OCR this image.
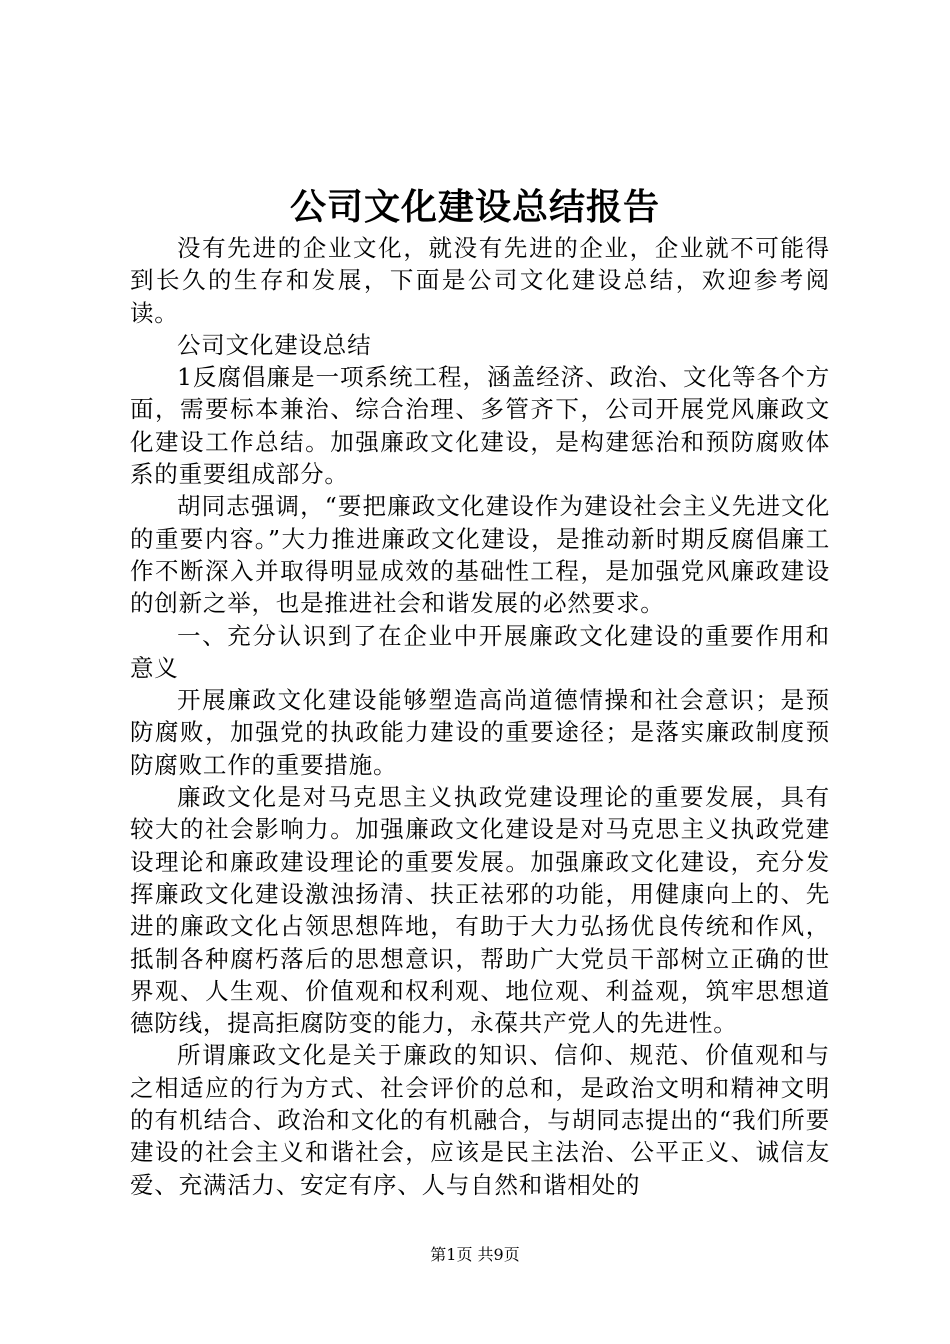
公司文化建设总结报告

没有先进的企业文化，就没有先进的企业，企业就不可能得到长久的生存和发展，下面是公司文化建设总结，欢迎参考阅读。

公司文化建设总结

1反腐倡廉是一项系统工程，涵盖经济、政治、文化等各个方面，需要标本兼治、综合治理、多管齐下，公司开展党风廉政文化建设工作总结。加强廉政文化建设，是构建惩治和预防腐败体系的重要组成部分。

胡同志强调，“要把廉政文化建设作为建设社会主义先进文化的重要内容。”大力推进廉政文化建设，是推动新时期反腐倡廉工作不断深入并取得明显成效的基础性工程，是加强党风廉政建设的创新之举，也是推进社会和谐发展的必然要求。

一、充分认识到了在企业中开展廉政文化建设的重要作用和意义

开展廉政文化建设能够塑造高尚道德情操和社会意识；是预防腐败，加强党的执政能力建设的重要途径；是落实廉政制度预防腐败工作的重要措施。

廉政文化是对马克思主义执政党建设理论的重要发展，具有较大的社会影响力。加强廉政文化建设是对马克思主义执政党建设理论和廉政建设理论的重要发展。加强廉政文化建设，充分发挥廉政文化建设激浊扬清、扶正祛邪的功能，用健康向上的、先进的廉政文化占领思想阵地，有助于大力弘扬优良传统和作风，抵制各种腐朽落后的思想意识，帮助广大党员干部树立正确的世界观、人生观、价值观和权利观、地位观、利益观，筑牢思想道德防线，提高拒腐防变的能力，永葆共产党人的先进性。

所谓廉政文化是关于廉政的知识、信仰、规范、价值观和与之相适应的行为方式、社会评价的总和，是政治文明和精神文明的有机结合、政治和文化的有机融合，与胡同志提出的“我们所要建设的社会主义和谐社会，应该是民主法治、公平正义、诚信友爱、充满活力、安定有序、人与自然和谐相处的

第1页 共9页
